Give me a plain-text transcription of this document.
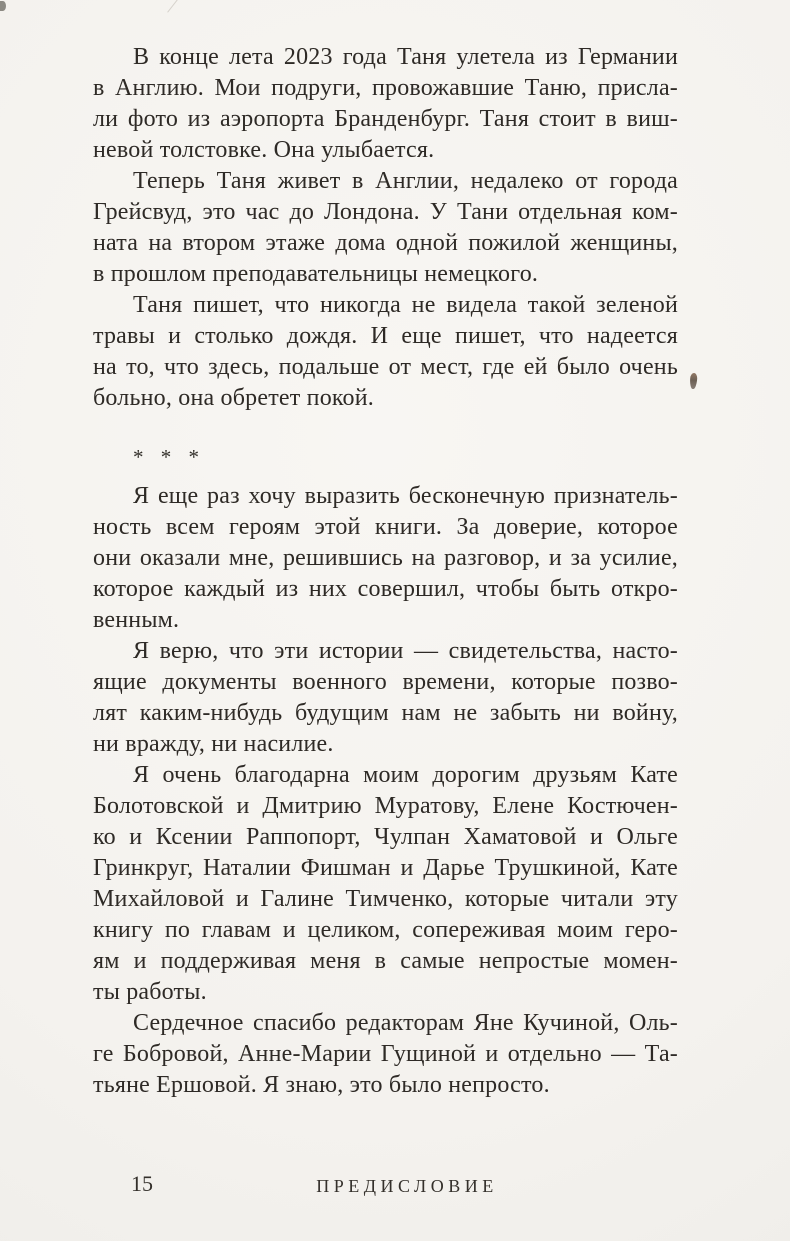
В конце лета 2023 года Таня улетела из Германии
в Англию. Мои подруги, провожавшие Таню, присла-
ли фото из аэропорта Бранденбург. Таня стоит в виш-
невой толстовке. Она улыбается.
Теперь Таня живет в Англии, недалеко от города
Грейсвуд, это час до Лондона. У Тани отдельная ком-
ната на втором этаже дома одной пожилой женщины,
в прошлом преподавательницы немецкого.
Таня пишет, что никогда не видела такой зеленой
травы и столько дождя. И еще пишет, что надеется
на то, что здесь, подальше от мест, где ей было очень
больно, она обретет покой.
* * *
Я еще раз хочу выразить бесконечную признатель-
ность всем героям этой книги. За доверие, которое
они оказали мне, решившись на разговор, и за усилие,
которое каждый из них совершил, чтобы быть откро-
венным.
Я верю, что эти истории — свидетельства, насто-
ящие документы военного времени, которые позво-
лят каким-нибудь будущим нам не забыть ни войну,
ни вражду, ни насилие.
Я очень благодарна моим дорогим друзьям Кате
Болотовской и Дмитрию Муратову, Елене Костючен-
ко и Ксении Раппопорт, Чулпан Хаматовой и Ольге
Гринкруг, Наталии Фишман и Дарье Трушкиной, Кате
Михайловой и Галине Тимченко, которые читали эту
книгу по главам и целиком, сопереживая моим геро-
ям и поддерживая меня в самые непростые момен-
ты работы.
Сердечное спасибо редакторам Яне Кучиной, Оль-
ге Бобровой, Анне-Марии Гущиной и отдельно — Та-
тьяне Ершовой. Я знаю, это было непросто.
15	ПРЕДИСЛОВИЕ
